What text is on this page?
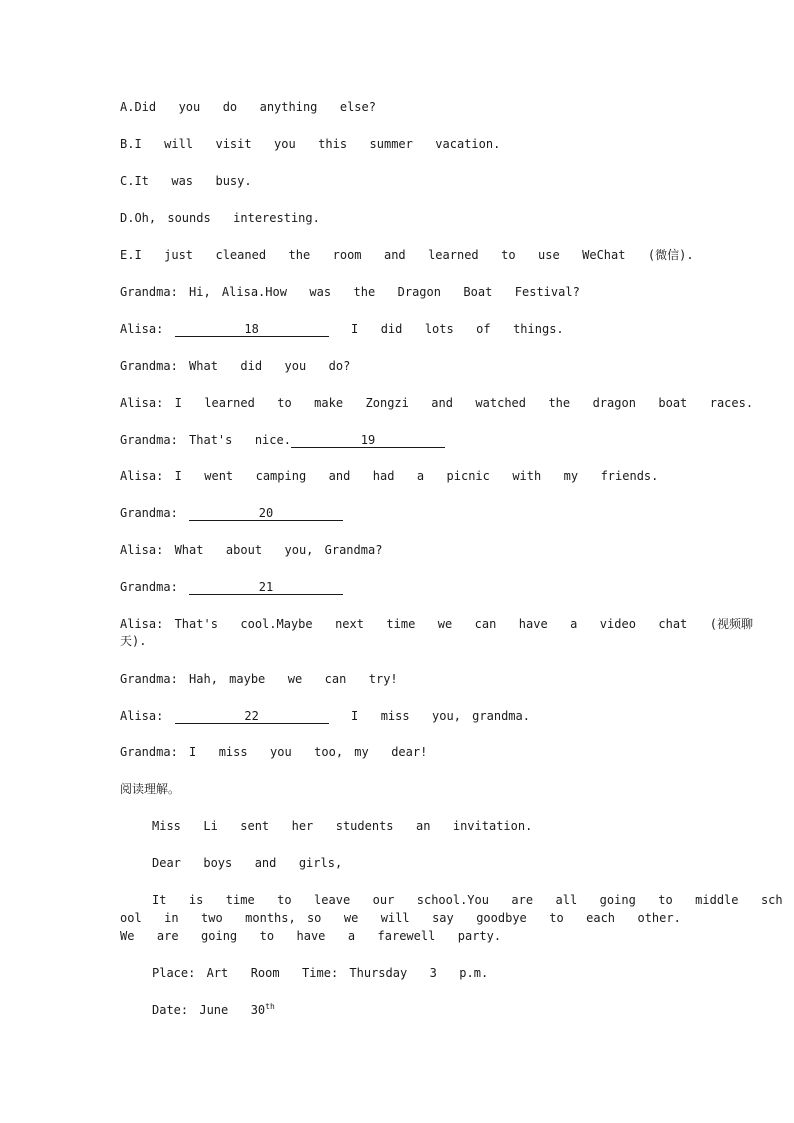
A.Did  you  do  anything  else?
B.I  will  visit  you  this  summer  vacation.
C.It  was  busy.
D.Oh, sounds  interesting.
E.I  just  cleaned  the  room  and  learned  to  use  WeChat  (微信).
Grandma: Hi, Alisa.How  was  the  Dragon  Boat  Festival?
Alisa:	18	I  did  lots  of  things.
Grandma: What  did  you  do?
Alisa: I  learned  to  make  Zongzi  and  watched  the  dragon  boat  races.
Grandma: That's  nice.	19
Alisa: I  went  camping  and  had  a  picnic  with  my  friends.
Grandma:	20
Alisa: What  about  you, Grandma?
Grandma:	21
Alisa: That's  cool.Maybe  next  time  we  can  have  a  video  chat  (视频聊
天).
Grandma: Hah, maybe  we  can  try!
Alisa:	22	I  miss  you, grandma.
Grandma: I  miss  you  too, my  dear!
阅读理解。
Miss  Li  sent  her  students  an  invitation.
Dear  boys  and  girls,
It  is  time  to  leave  our  school.You  are  all  going  to  middle  sch
ool  in  two  months, so  we  will  say  goodbye  to  each  other.
We  are  going  to  have  a  farewell  party.
Place: Art  Room  Time: Thursday  3  p.m.
Date: June  30th
